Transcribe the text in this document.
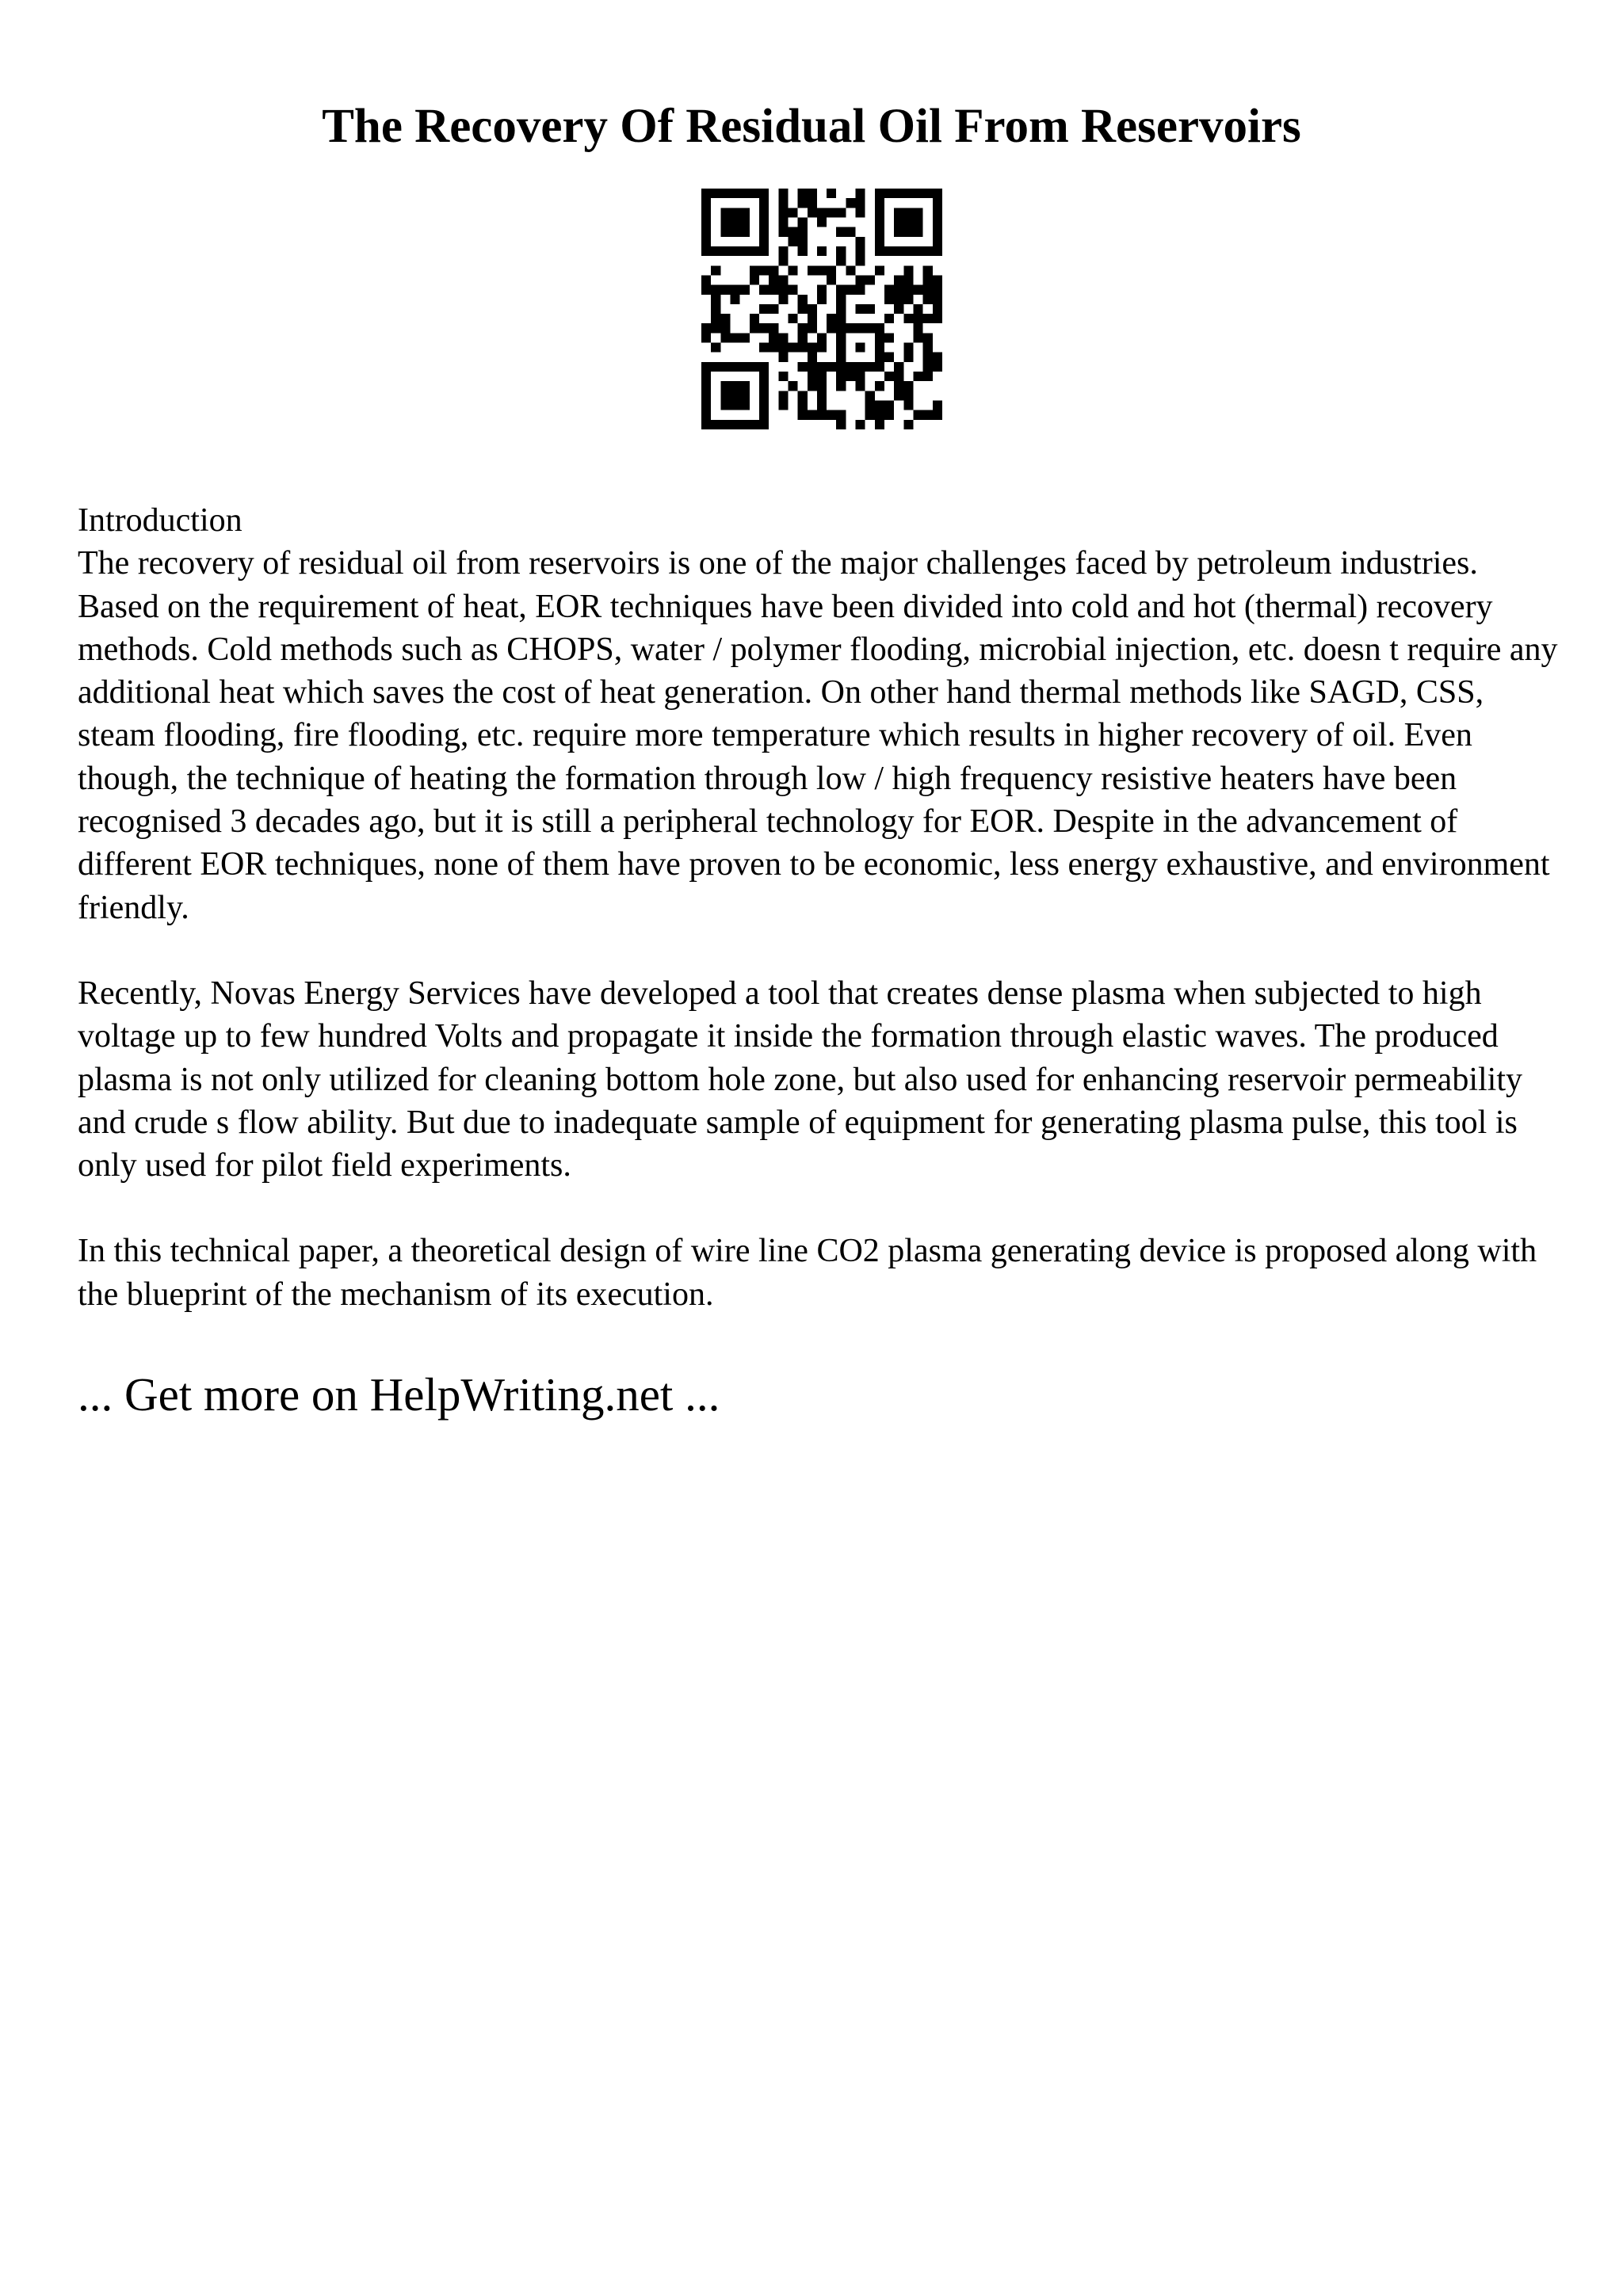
The Recovery Of Residual Oil From Reservoirs

Introduction

The recovery of residual oil from reservoirs is one of the major challenges faced by petroleum industries. Based on the requirement of heat, EOR techniques have been divided into cold and hot (thermal) recovery methods. Cold methods such as CHOPS, water / polymer flooding, microbial injection, etc. doesn t require any additional heat which saves the cost of heat generation. On other hand thermal methods like SAGD, CSS, steam flooding, fire flooding, etc. require more temperature which results in higher recovery of oil. Even though, the technique of heating the formation through low / high frequency resistive heaters have been recognised 3 decades ago, but it is still a peripheral technology for EOR. Despite in the advancement of different EOR techniques, none of them have proven to be economic, less energy exhaustive, and environment friendly.

Recently, Novas Energy Services have developed a tool that creates dense plasma when subjected to high voltage up to few hundred Volts and propagate it inside the formation through elastic waves. The produced plasma is not only utilized for cleaning bottom hole zone, but also used for enhancing reservoir permeability and crude s flow ability. But due to inadequate sample of equipment for generating plasma pulse, this tool is only used for pilot field experiments.

In this technical paper, a theoretical design of wire line CO2 plasma generating device is proposed along with the blueprint of the mechanism of its execution.

... Get more on HelpWriting.net ...
